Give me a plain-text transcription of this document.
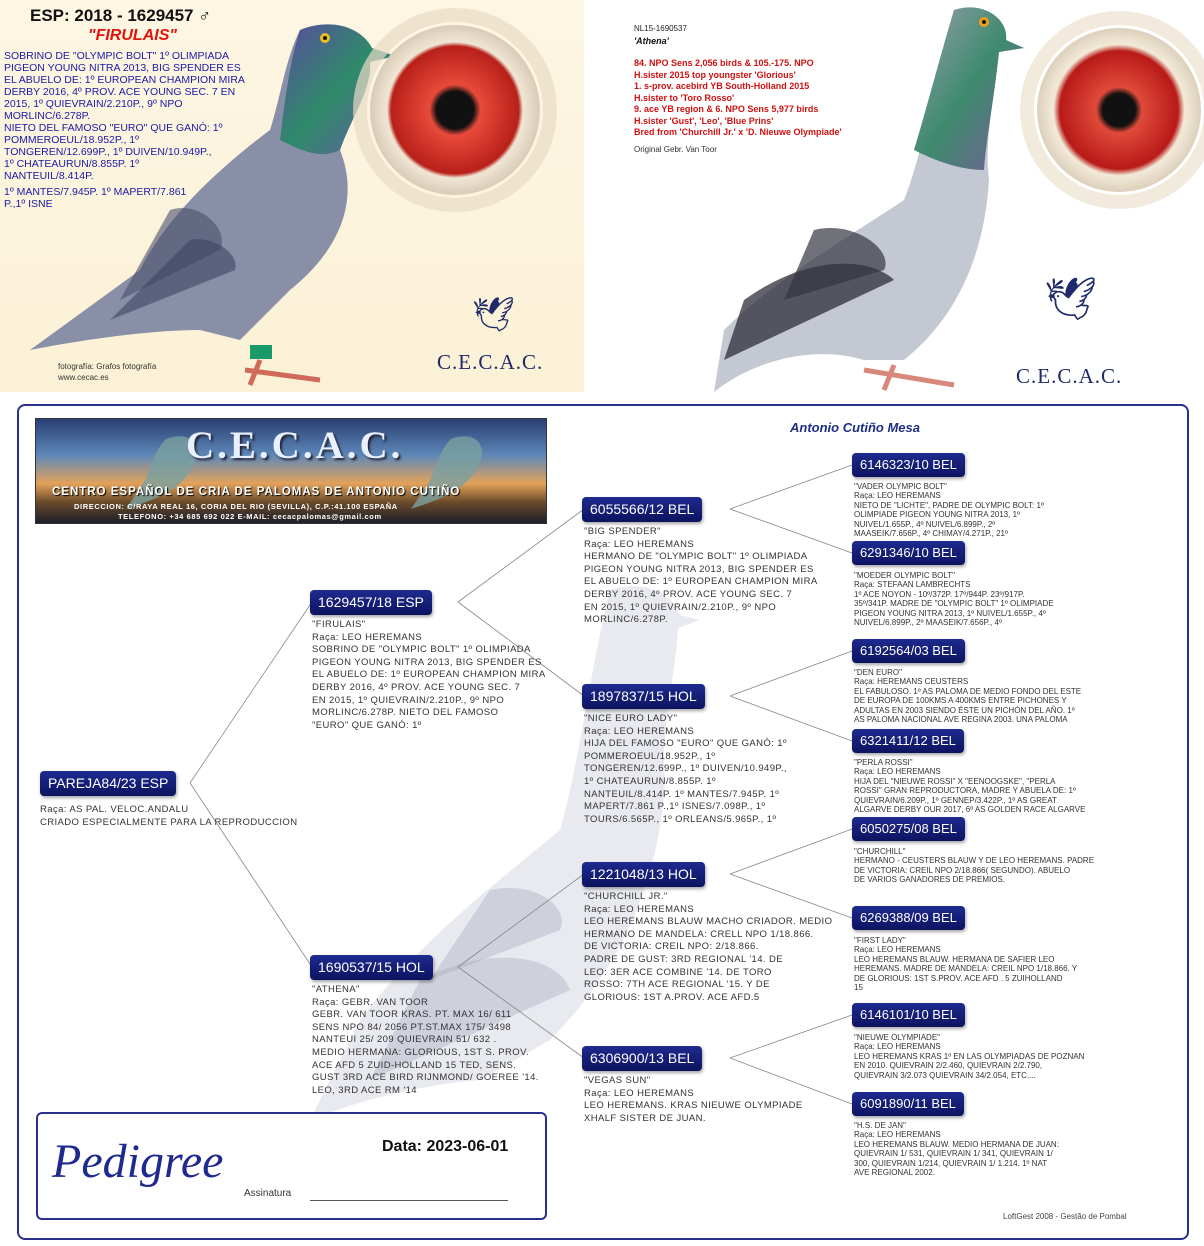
ESP: 2018 - 1629457 ♂
"FIRULAIS"
SOBRINO DE "OLYMPIC BOLT" 1º OLIMPIADA
PIGEON YOUNG NITRA 2013, BIG SPENDER ES
EL ABUELO DE: 1º EUROPEAN CHAMPION MIRA
DERBY 2016, 4º PROV. ACE YOUNG SEC. 7 EN
2015, 1º QUIEVRAIN/2.210P., 9º NPO
MORLINC/6.278P.
NIETO DEL FAMOSO "EURO" QUE GANÓ: 1º
POMMEROEUL/18.952P., 1º
TONGEREN/12.699P., 1º DUIVEN/10.949P.,
1º CHATEAURUN/8.855P. 1º
NANTEUIL/8.414P.
1º MANTES/7.945P. 1º MAPERT/7.861
P.,1º ISNE
🕊
C.E.C.A.C.
fotografía: Grafos fotografía
www.cecac.es
NL15-1690537
'Athena'
84. NPO Sens 2,056 birds & 105.-175. NPO
H.sister 2015 top youngster 'Glorious'
1. s-prov. acebird YB South-Holland 2015
H.sister to 'Toro Rosso'
9. ace YB region & 6. NPO Sens 5,977 birds
H.sister 'Gust', 'Leo', 'Blue Prins'
Bred from 'Churchill Jr.' x 'D. Nieuwe Olympiade'
Original Gebr. Van Toor
🕊
C.E.C.A.C.
C.E.C.A.C.
CENTRO ESPAÑOL DE CRIA DE PALOMAS DE ANTONIO CUTIÑO
DIRECCION: C/RAYA REAL 16, CORIA DEL RIO (SEVILLA), C.P.:41.100 ESPAÑA
TELEFONO: +34 685 692 022 E-MAIL: cecacpalomas@gmail.com
Antonio Cutiño Mesa
PAREJA84/23 ESP
Raça: AS PAL. VELOC.ANDALU
CRIADO ESPECIALMENTE PARA LA REPRODUCCION
1629457/18 ESP
"FIRULAIS"
Raça: LEO HEREMANS
SOBRINO DE "OLYMPIC BOLT" 1º OLIMPIADA
PIGEON YOUNG NITRA 2013, BIG SPENDER ES
EL ABUELO DE: 1º EUROPEAN CHAMPION MIRA
DERBY 2016, 4º PROV. ACE YOUNG SEC. 7
EN 2015, 1º QUIEVRAIN/2.210P., 9º NPO
MORLINC/6.278P. NIETO DEL FAMOSO
"EURO" QUE GANÓ: 1º
1690537/15 HOL
"ATHENA"
Raça: GEBR. VAN TOOR
GEBR. VAN TOOR KRAS. PT. MAX 16/ 611
SENS NPO 84/ 2056 PT.ST.MAX 175/ 3498
NANTEUI 25/ 209 QUIEVRAIN 51/ 632 .
MEDIO HERMANA: GLORIOUS, 1ST S. PROV.
ACE AFD 5 ZUID-HOLLAND 15 TED, SENS.
GUST 3RD ACE BIRD RIJNMOND/ GOEREE '14.
LEO, 3RD ACE RM '14
6055566/12 BEL
"BIG SPENDER"
Raça: LEO HEREMANS
HERMANO DE "OLYMPIC BOLT" 1º OLIMPIADA
PIGEON YOUNG NITRA 2013, BIG SPENDER ES
EL ABUELO DE: 1º EUROPEAN CHAMPION MIRA
DERBY 2016, 4º PROV. ACE YOUNG SEC. 7
EN 2015, 1º QUIEVRAIN/2.210P., 9º NPO
MORLINC/6.278P.
1897837/15 HOL
"NICE EURO LADY"
Raça: LEO HEREMANS
HIJA DEL FAMOSO "EURO" QUE GANÓ: 1º
POMMEROEUL/18.952P., 1º
TONGEREN/12.699P., 1º DUIVEN/10.949P.,
1º CHATEAURUN/8.855P. 1º
NANTEUIL/8.414P. 1º MANTES/7.945P. 1º
MAPERT/7.861 P.,1º ISNES/7.098P., 1º
TOURS/6.565P., 1º ORLEANS/5.965P., 1º
1221048/13 HOL
"CHURCHILL JR."
Raça: LEO HEREMANS
LEO HEREMANS BLAUW MACHO CRIADOR. MEDIO
HERMANO DE MANDELA: CRELL NPO 1/18.866.
DE VICTORIA: CREIL NPO: 2/18.866.
PADRE DE GUST: 3RD REGIONAL '14. DE
LEO: 3ER ACE COMBINE '14. DE TORO
ROSSO: 7TH ACE REGIONAL '15. Y DE
GLORIOUS: 1ST A.PROV. ACE AFD.5
6306900/13 BEL
"VEGAS SUN"
Raça: LEO HEREMANS
LEO HEREMANS. KRAS NIEUWE OLYMPIADE
XHALF SISTER DE JUAN.
6146323/10 BEL
"VADER OLYMPIC BOLT"
Raça: LEO HEREMANS
NIETO DE "LICHTE", PADRE DE OLYMPIC BOLT: 1º
OLIMPIADE PIGEON YOUNG NITRA 2013, 1º
NUIVEL/1.655P., 4º NUIVEL/6.899P., 2º
MAASEIK/7.656P., 4º CHIMAY/4.271P., 21º
6291346/10 BEL
"MOEDER OLYMPIC BOLT"
Raça: STEFAAN LAMBRECHTS
1º ACE NOYON - 10º/372P. 17º/944P. 23º/917P.
35º/341P. MADRE DE "OLYMPIC BOLT" 1º OLIMPIADE
PIGEON YOUNG NITRA 2013, 1º NUIVEL/1.655P., 4º
NUIVEL/6.899P., 2º MAASEIK/7.656P., 4º
6192564/03 BEL
"DEN EURO"
Raça: HEREMANS CEUSTERS
EL FABULOSO. 1º AS PALOMA DE MEDIO FONDO DEL ESTE
DE EUROPA DE 100KMS A 400KMS ENTRE PICHONES Y
ADULTAS EN 2003 SIENDO ÉSTE UN PICHÓN DEL AÑO. 1º
AS PALOMA NACIONAL AVE REGINA 2003. UNA PALOMA
6321411/12 BEL
"PERLA ROSSI"
Raça: LEO HEREMANS
HIJA DEL "NIEUWE ROSSI" X "EENOOGSKE", "PERLA
ROSSI" GRAN REPRODUCTORA, MADRE Y ABUELA DE: 1º
QUIEVRAIN/6.209P., 1º GENNEP/3.422P., 1º AS GREAT
ALGARVE DERBY OUR 2017, 6º AS GOLDEN RACE ALGARVE
6050275/08 BEL
"CHURCHILL"
HERMANO - CEUSTERS BLAUW Y DE LEO HEREMANS. PADRE
DE VICTORIA: CREIL NPO 2/18.866( SEGUNDO). ABUELO
DE VARIOS GANADORES DE PREMIOS.
6269388/09 BEL
"FIRST LADY"
Raça: LEO HEREMANS
LEO HEREMANS BLAUW. HERMANA DE SAFIER LEO
HEREMANS. MADRE DE MANDELA: CREIL NPO 1/18.866. Y
DE GLORIOUS: 1ST S.PROV. ACE AFD . 5 ZUIHOLLAND
15
6146101/10 BEL
"NIEUWE OLYMPIADE"
Raça: LEO HEREMANS
LEO HEREMANS KRAS 1º EN LAS OLYMPIADAS DE POZNAN
EN 2010. QUIEVRAIN 2/2.460, QUIEVRAIN 2/2.790,
QUIEVRAIN 3/2.073 QUIEVRAIN 34/2.054, ETC....
6091890/11 BEL
"H.S. DE JAN"
Raça: LEO HEREMANS
LEO HEREMANS BLAUW. MEDIO HERMANA DE JUAN:
QUIEVRAIN 1/ 531, QUIEVRAIN 1/ 341, QUIEVRAIN 1/
300, QUIEVRAIN 1/214, QUIEVRAIN 1/ 1.214. 1º NAT
AVE REGIONAL 2002.
Pedigree	Data: 2023-06-01
Assinatura
LoftGest 2008 - Gestão de Pombal
